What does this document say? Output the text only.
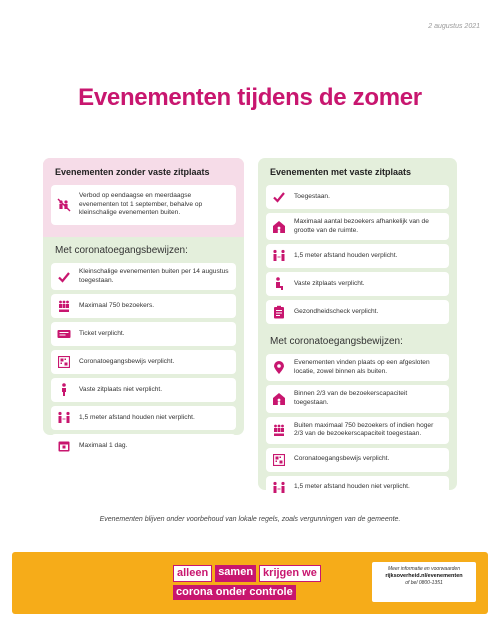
2 augustus 2021
Evenementen tijdens de zomer
Evenementen zonder vaste zitplaats
Verbod op eendaagse en meerdaagse evenementen tot 1 september, behalve op kleinschalige evenementen buiten.
Met coronatoegangsbewijzen:
Kleinschalige evenementen buiten per 14 augustus toegestaan.
Maximaal 750 bezoekers.
Ticket verplicht.
Coronatoegangsbewijs verplicht.
Vaste zitplaats niet verplicht.
1,5 meter afstand houden niet verplicht.
Maximaal 1 dag.
Evenementen met vaste zitplaats
Toegestaan.
Maximaal aantal bezoekers afhankelijk van de grootte van de ruimte.
1,5 meter afstand houden verplicht.
Vaste zitplaats verplicht.
Gezondheidscheck verplicht.
Met coronatoegangsbewijzen:
Evenementen vinden plaats op een afgesloten locatie, zowel binnen als buiten.
Binnen 2/3 van de bezoekerscapaciteit toegestaan.
Buiten maximaal 750 bezoekers of indien hoger 2/3 van de bezoekerscapaciteit toegestaan.
Coronatoegangsbewijs verplicht.
1,5 meter afstand houden niet verplicht.
Evenementen blijven onder voorbehoud van lokale regels, zoals vergunningen van de gemeente.
alleen samen krijgen we
corona onder controle
Meer informatie en voorwaarden
rijksoverheid.nl/evenementen
of bel 0800-1351
